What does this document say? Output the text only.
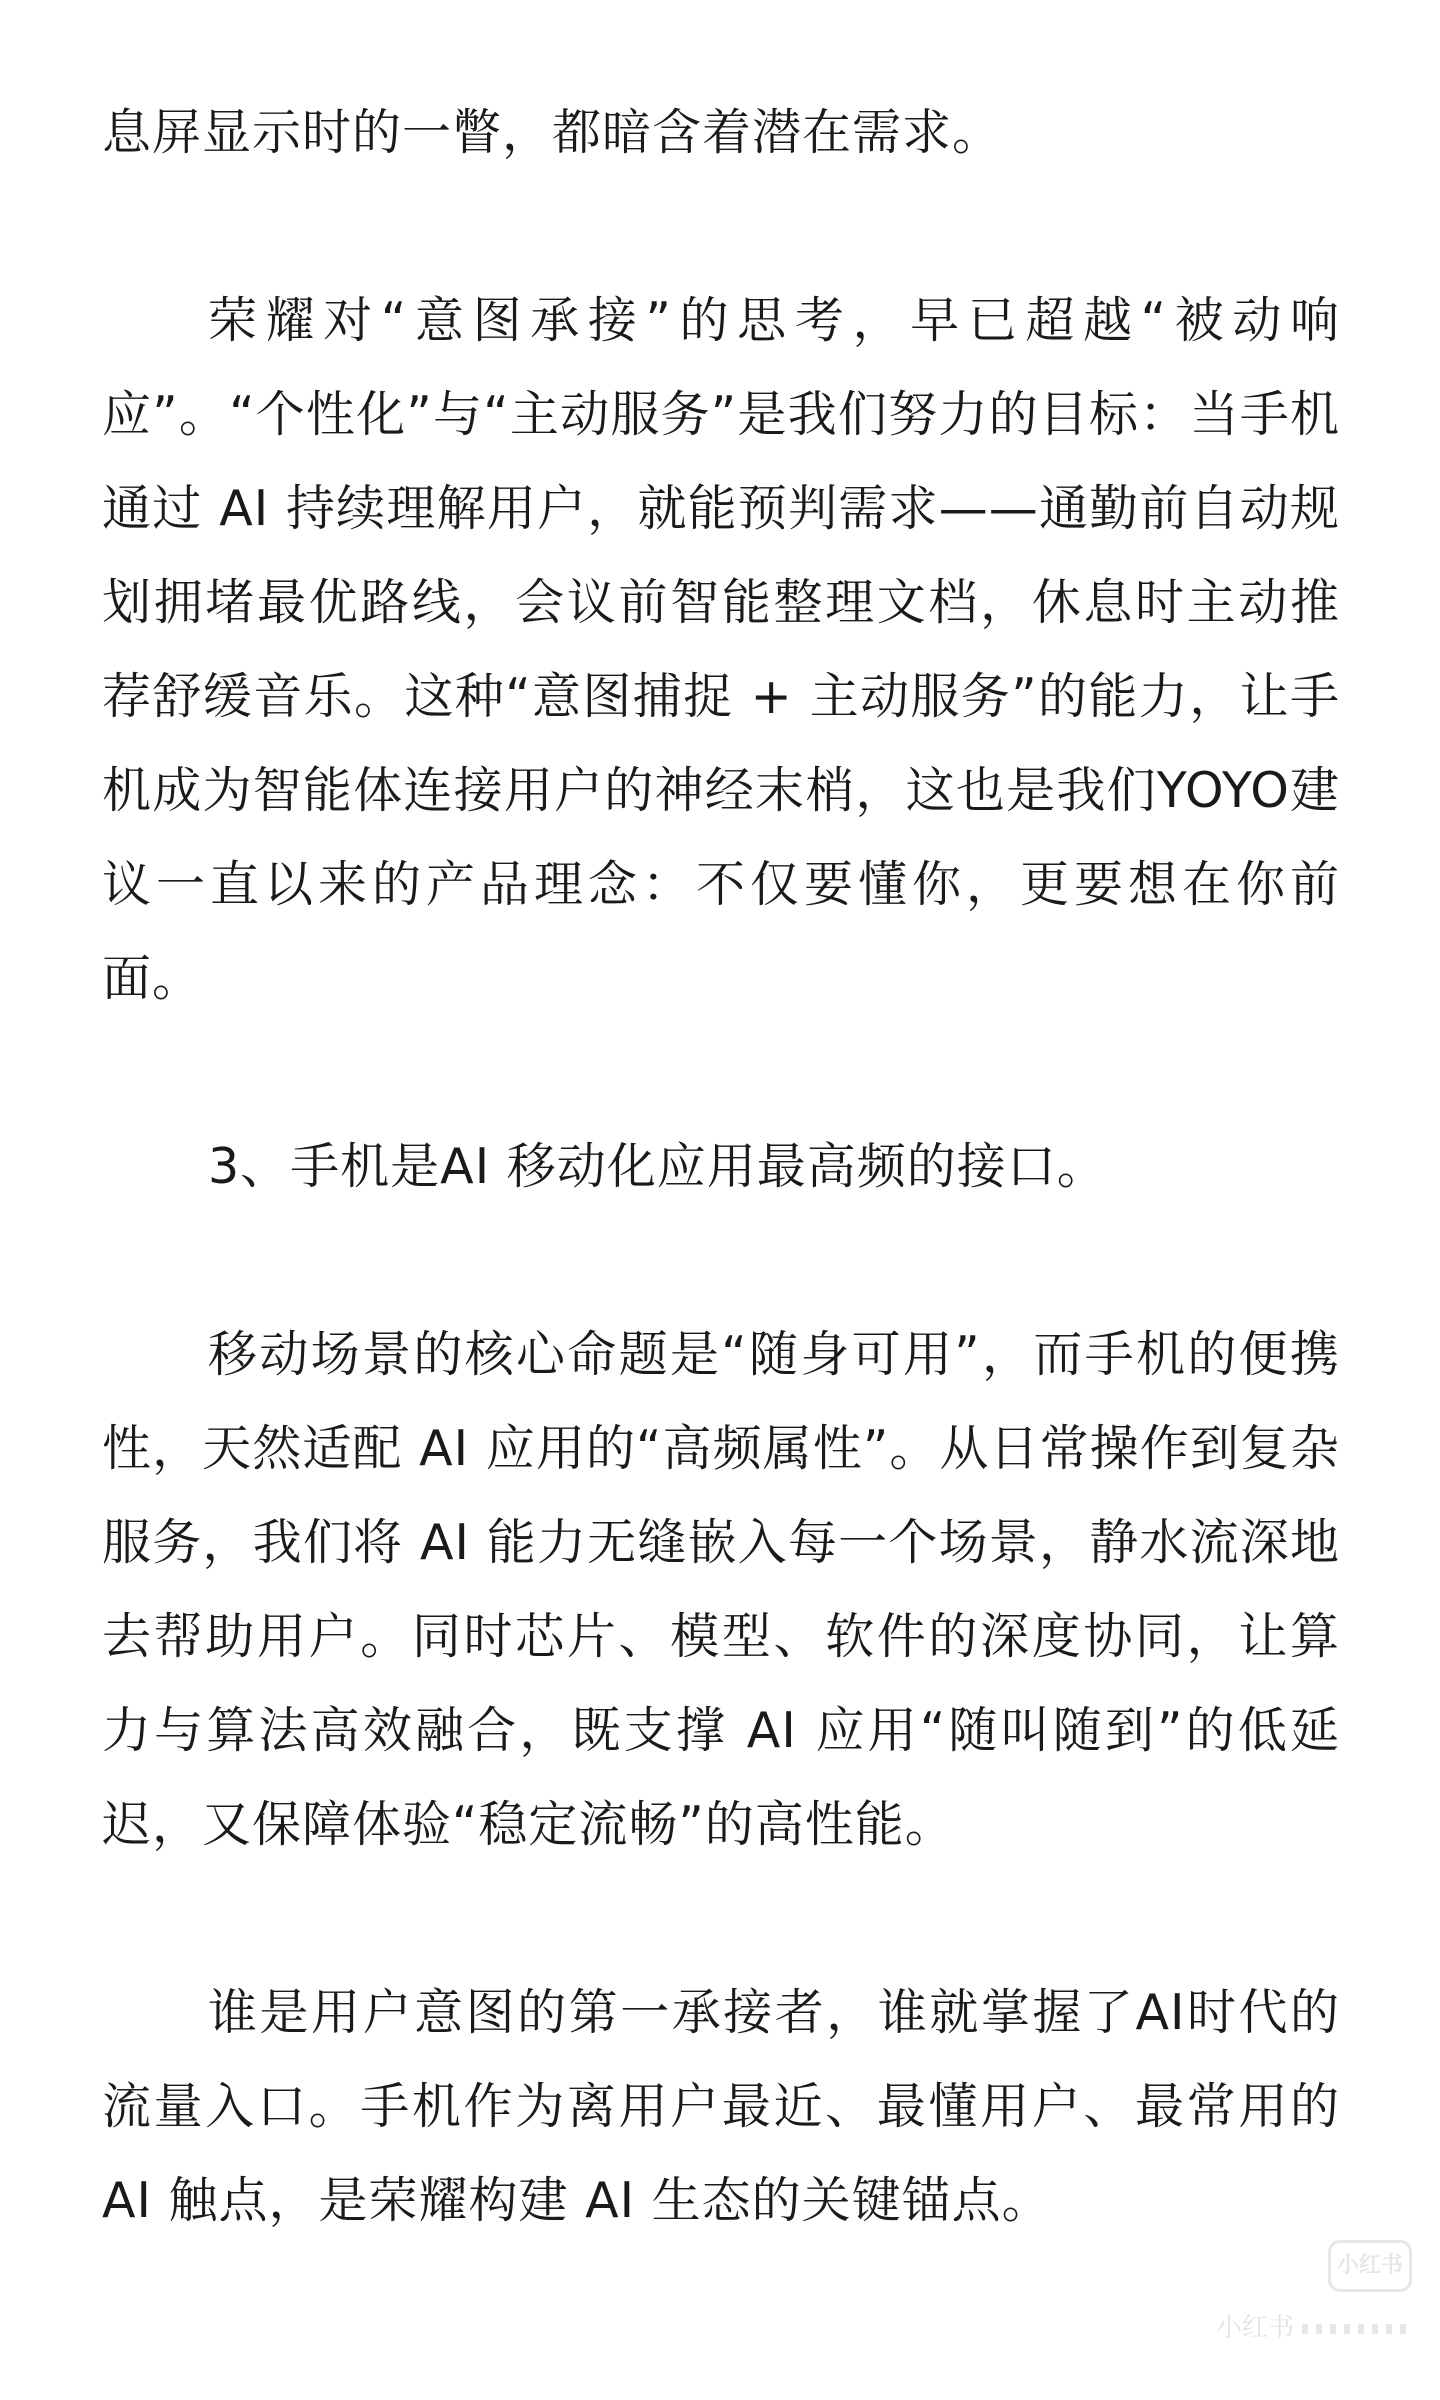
息屏显示时的一瞥，都暗含着潜在需求。

荣耀对“意图承接”的思考，早已超越“被动响应”。“个性化”与“主动服务”是我们努力的目标：当手机通过 AI 持续理解用户，就能预判需求——通勤前自动规划拥堵最优路线，会议前智能整理文档，休息时主动推荐舒缓音乐。这种“意图捕捉 + 主动服务”的能力，让手机成为智能体连接用户的神经末梢，这也是我们YOYO建议一直以来的产品理念：不仅要懂你，更要想在你前面。

3、手机是AI 移动化应用最高频的接口。

移动场景的核心命题是“随身可用”，而手机的便携性，天然适配 AI 应用的“高频属性”。从日常操作到复杂服务，我们将 AI 能力无缝嵌入每一个场景，静水流深地去帮助用户。同时芯片、模型、软件的深度协同，让算力与算法高效融合，既支撑 AI 应用“随叫随到”的低延迟，又保障体验“稳定流畅”的高性能。

谁是用户意图的第一承接者，谁就掌握了AI时代的流量入口。手机作为离用户最近、最懂用户、最常用的 AI 触点，是荣耀构建 AI 生态的关键锚点。

小红书
小红书
